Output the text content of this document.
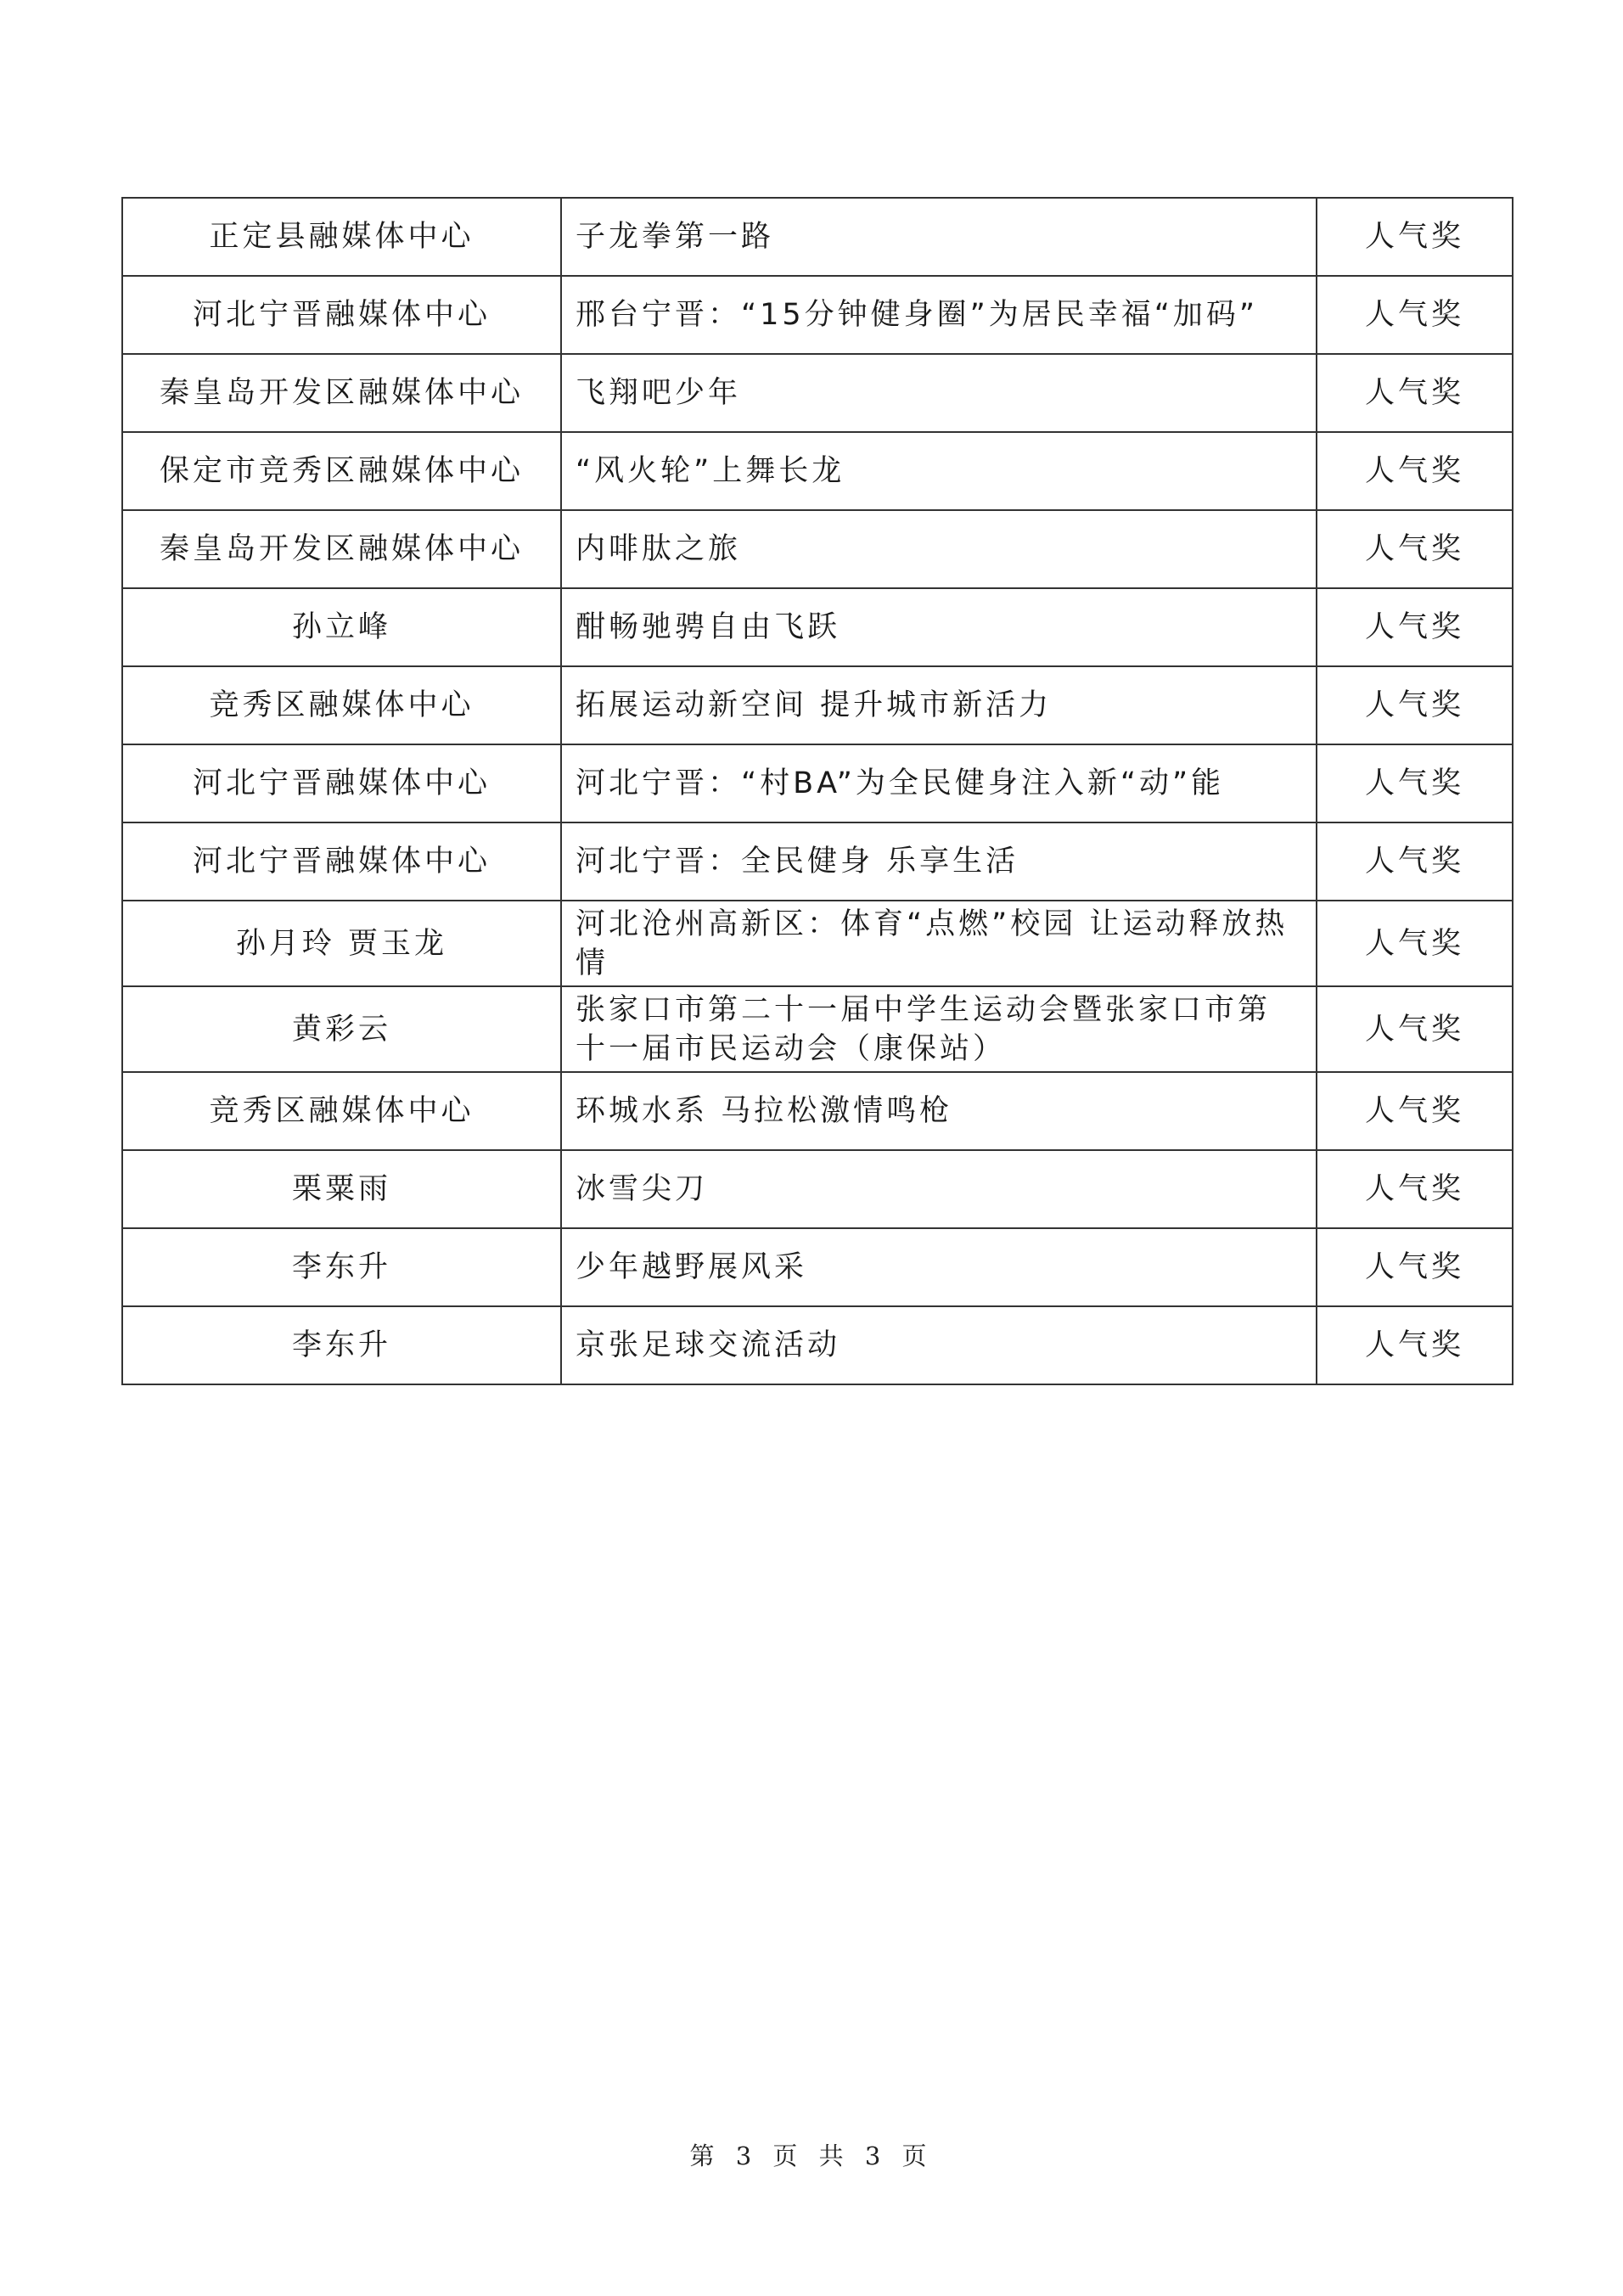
正定县融媒体中心	子龙拳第一路	人气奖
河北宁晋融媒体中心	邢台宁晋：“15分钟健身圈”为居民幸福“加码”	人气奖
秦皇岛开发区融媒体中心	飞翔吧少年	人气奖
保定市竞秀区融媒体中心	“风火轮”上舞长龙	人气奖
秦皇岛开发区融媒体中心	内啡肽之旅	人气奖
孙立峰	酣畅驰骋自由飞跃	人气奖
竞秀区融媒体中心	拓展运动新空间 提升城市新活力	人气奖
河北宁晋融媒体中心	河北宁晋：“村BA”为全民健身注入新“动”能	人气奖
河北宁晋融媒体中心	河北宁晋：全民健身 乐享生活	人气奖
孙月玲 贾玉龙	河北沧州高新区：体育“点燃”校园 让运动释放热情	人气奖
黄彩云	张家口市第二十一届中学生运动会暨张家口市第十一届市民运动会（康保站）	人气奖
竞秀区融媒体中心	环城水系 马拉松激情鸣枪	人气奖
栗粟雨	冰雪尖刀	人气奖
李东升	少年越野展风采	人气奖
李东升	京张足球交流活动	人气奖
第 3 页 共 3 页
